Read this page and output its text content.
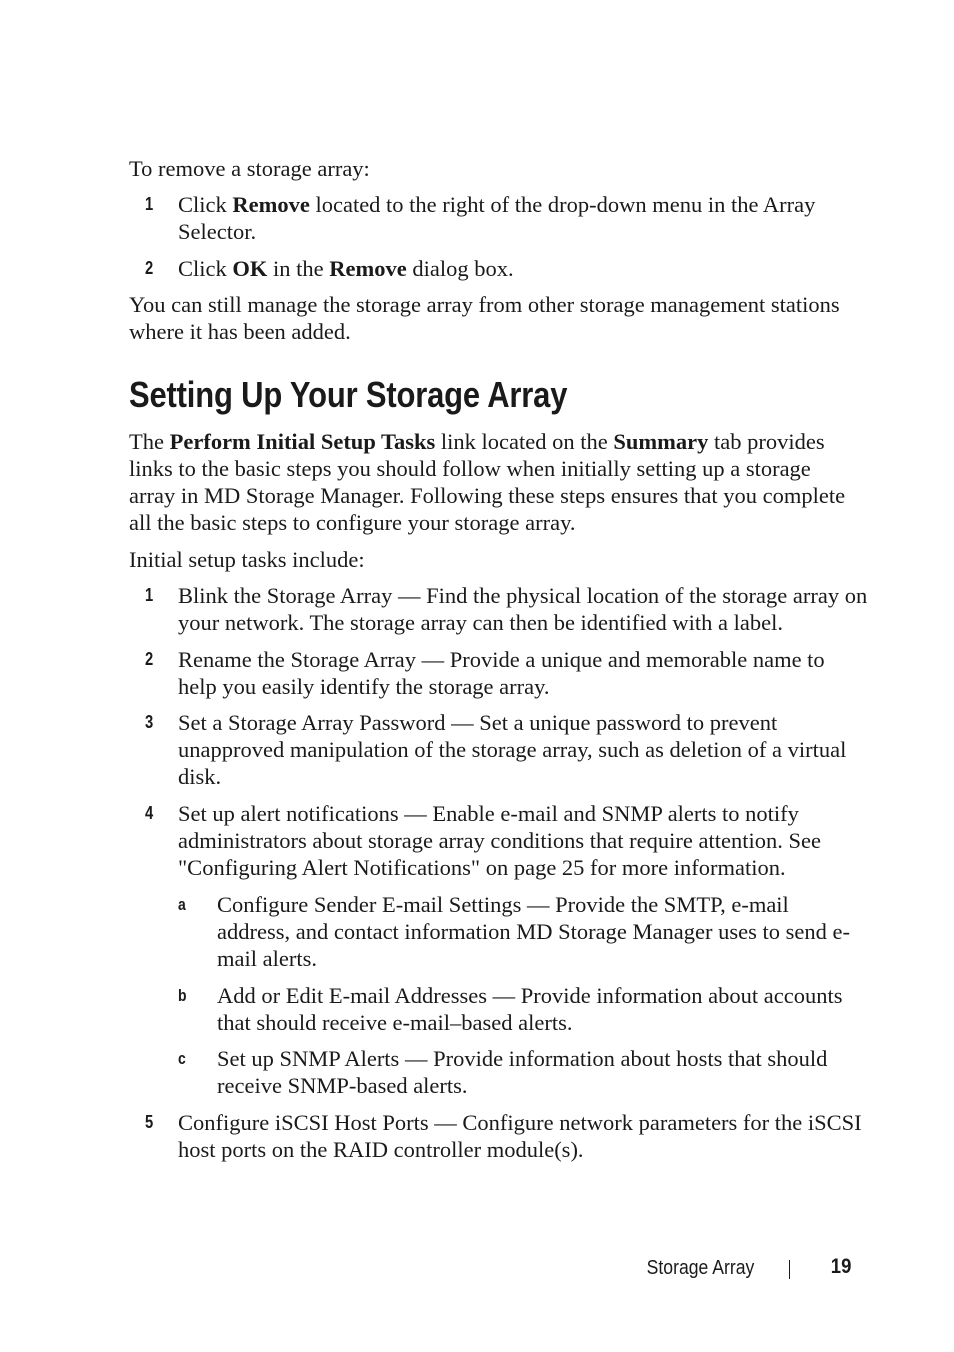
To remove a storage array:

1 Click Remove located to the right of the drop-down menu in the Array Selector.

2 Click OK in the Remove dialog box.

You can still manage the storage array from other storage management stations where it has been added.

Setting Up Your Storage Array

The Perform Initial Setup Tasks link located on the Summary tab provides links to the basic steps you should follow when initially setting up a storage array in MD Storage Manager. Following these steps ensures that you complete all the basic steps to configure your storage array.

Initial setup tasks include:

1 Blink the Storage Array — Find the physical location of the storage array on your network. The storage array can then be identified with a label.

2 Rename the Storage Array — Provide a unique and memorable name to help you easily identify the storage array.

3 Set a Storage Array Password — Set a unique password to prevent unapproved manipulation of the storage array, such as deletion of a virtual disk.

4 Set up alert notifications — Enable e-mail and SNMP alerts to notify administrators about storage array conditions that require attention. See "Configuring Alert Notifications" on page 25 for more information.

a Configure Sender E-mail Settings — Provide the SMTP, e-mail address, and contact information MD Storage Manager uses to send e-mail alerts.

b Add or Edit E-mail Addresses — Provide information about accounts that should receive e-mail–based alerts.

c Set up SNMP Alerts — Provide information about hosts that should receive SNMP-based alerts.

5 Configure iSCSI Host Ports — Configure network parameters for the iSCSI host ports on the RAID controller module(s).

Storage Array	19
